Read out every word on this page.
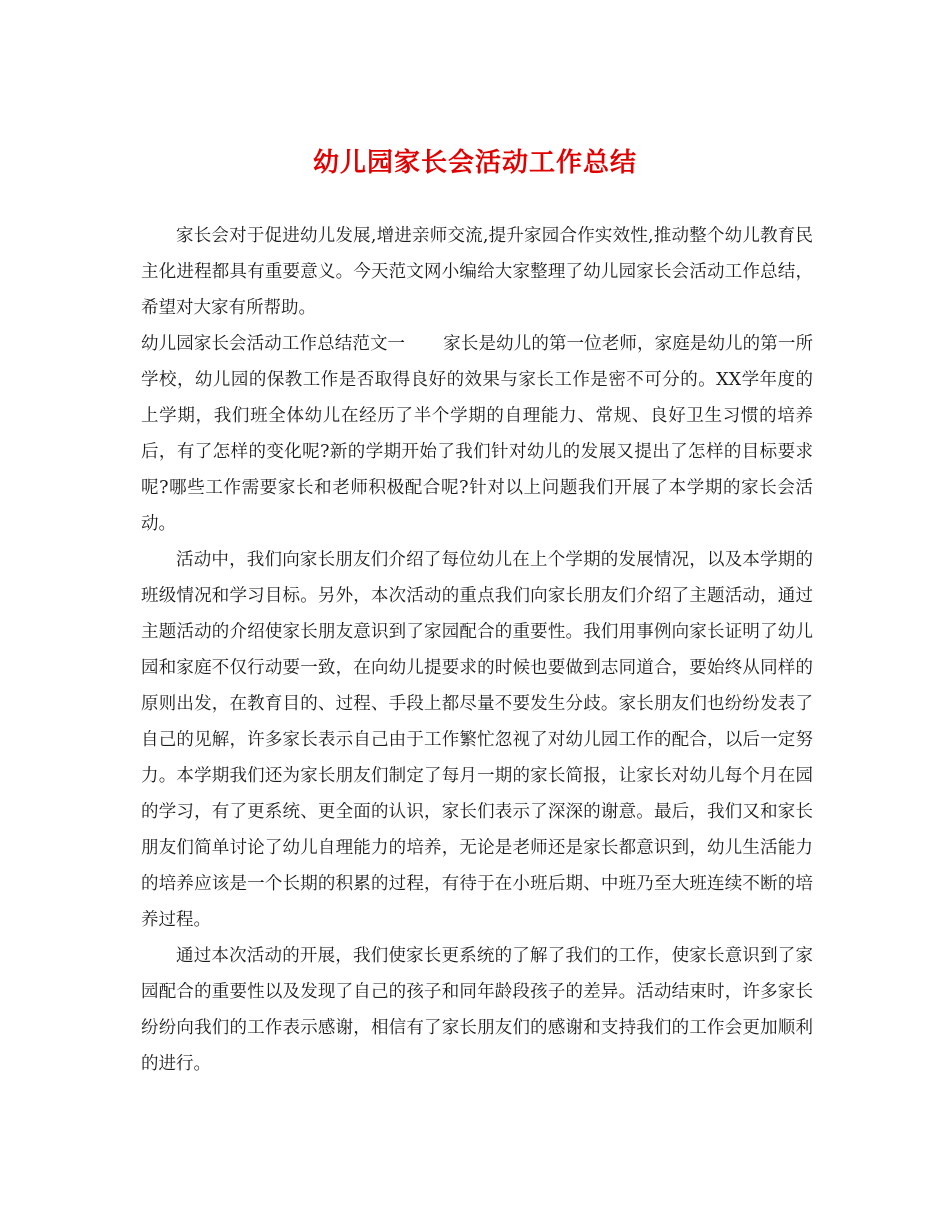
幼儿园家长会活动工作总结

家长会对于促进幼儿发展,增进亲师交流,提升家园合作实效性,推动整个幼儿教育民主化进程都具有重要意义。今天范文网小编给大家整理了幼儿园家长会活动工作总结，希望对大家有所帮助。

幼儿园家长会活动工作总结范文一 家长是幼儿的第一位老师，家庭是幼儿的第一所学校，幼儿园的保教工作是否取得良好的效果与家长工作是密不可分的。XX学年度的上学期，我们班全体幼儿在经历了半个学期的自理能力、常规、良好卫生习惯的培养后，有了怎样的变化呢?新的学期开始了我们针对幼儿的发展又提出了怎样的目标要求呢?哪些工作需要家长和老师积极配合呢?针对以上问题我们开展了本学期的家长会活动。

活动中，我们向家长朋友们介绍了每位幼儿在上个学期的发展情况，以及本学期的班级情况和学习目标。另外，本次活动的重点我们向家长朋友们介绍了主题活动，通过主题活动的介绍使家长朋友意识到了家园配合的重要性。我们用事例向家长证明了幼儿园和家庭不仅行动要一致，在向幼儿提要求的时候也要做到志同道合，要始终从同样的原则出发，在教育目的、过程、手段上都尽量不要发生分歧。家长朋友们也纷纷发表了自己的见解，许多家长表示自己由于工作繁忙忽视了对幼儿园工作的配合，以后一定努力。本学期我们还为家长朋友们制定了每月一期的家长简报，让家长对幼儿每个月在园的学习，有了更系统、更全面的认识，家长们表示了深深的谢意。最后，我们又和家长朋友们简单讨论了幼儿自理能力的培养，无论是老师还是家长都意识到，幼儿生活能力的培养应该是一个长期的积累的过程，有待于在小班后期、中班乃至大班连续不断的培养过程。

通过本次活动的开展，我们使家长更系统的了解了我们的工作，使家长意识到了家园配合的重要性以及发现了自己的孩子和同年龄段孩子的差异。活动结束时，许多家长纷纷向我们的工作表示感谢，相信有了家长朋友们的感谢和支持我们的工作会更加顺利的进行。
